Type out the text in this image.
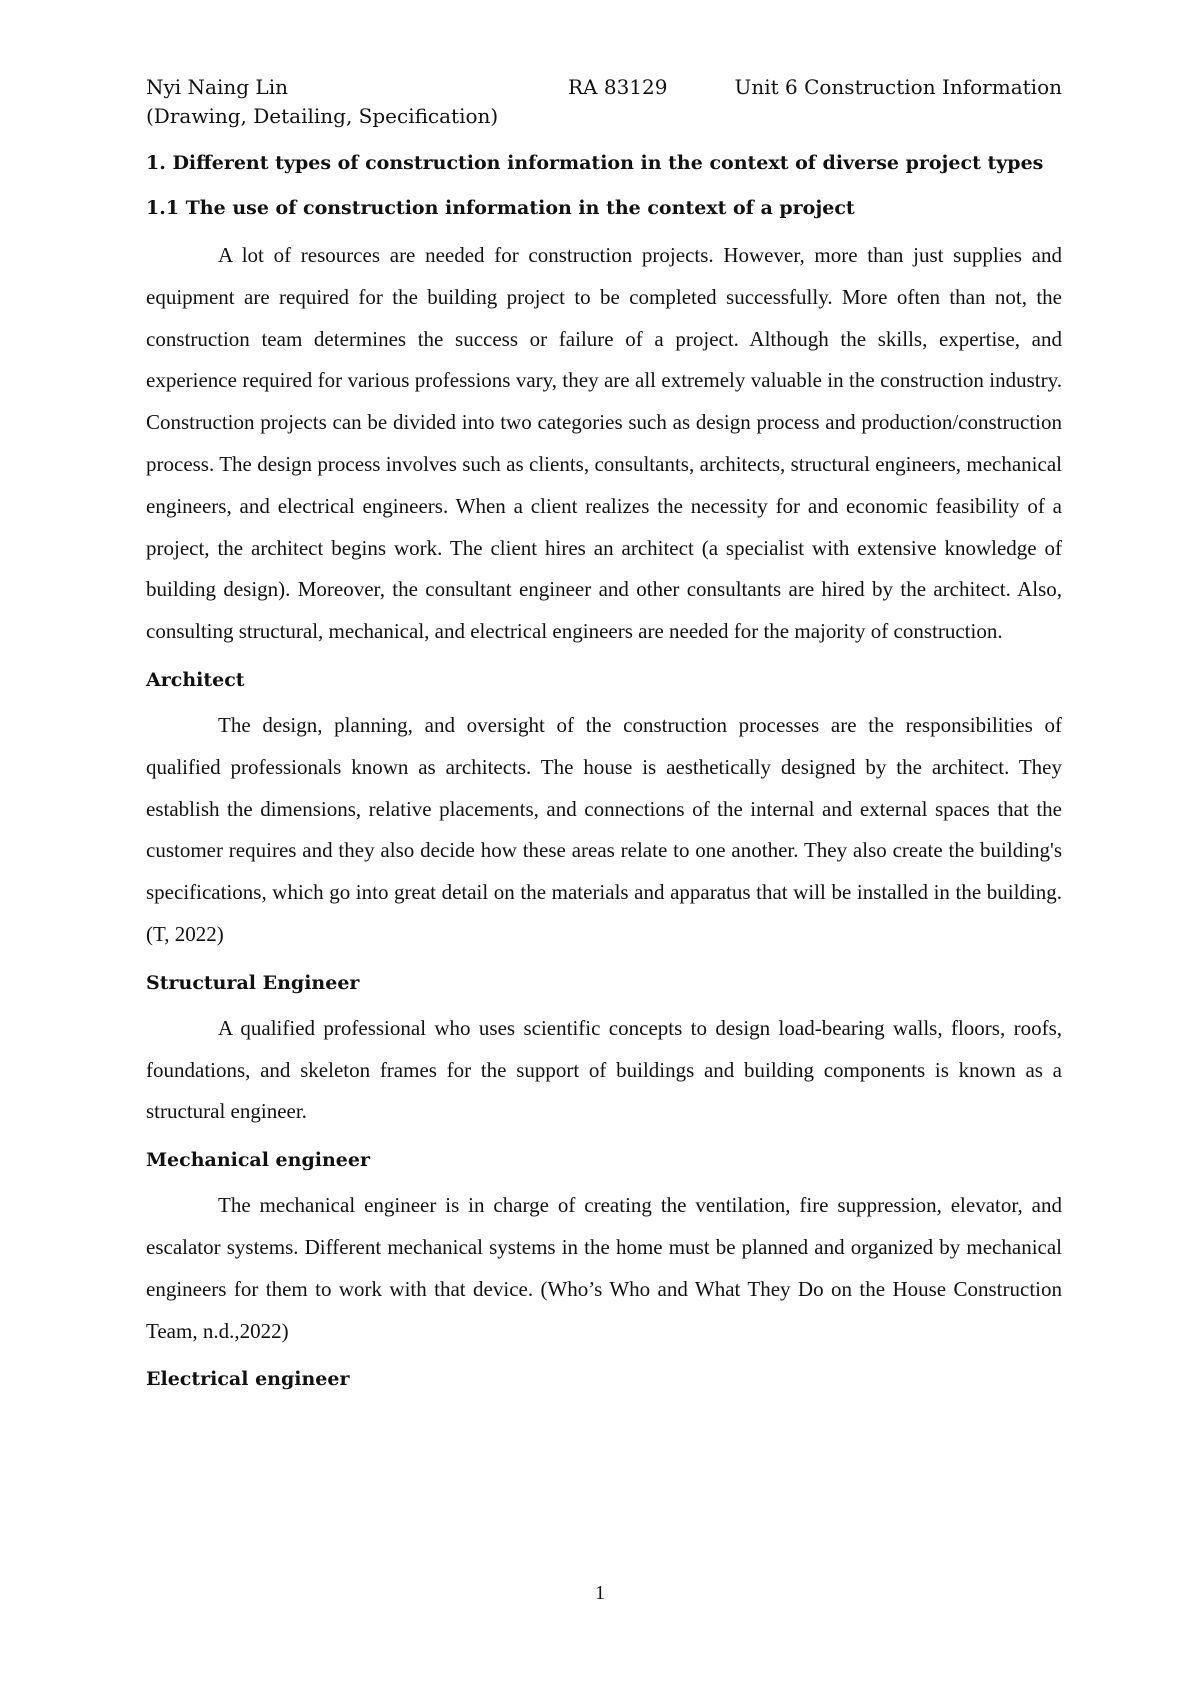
Nyi Naing Lin	RA 83129	Unit 6 Construction Information
(Drawing, Detailing, Specification)
1. Different types of construction information in the context of diverse project types
1.1 The use of construction information in the context of a project

A lot of resources are needed for construction projects. However, more than just supplies and equipment are required for the building project to be completed successfully. More often than not, the construction team determines the success or failure of a project. Although the skills, expertise, and experience required for various professions vary, they are all extremely valuable in the construction industry. Construction projects can be divided into two categories such as design process and production/construction process. The design process involves such as clients, consultants, architects, structural engineers, mechanical engineers, and electrical engineers. When a client realizes the necessity for and economic feasibility of a project, the architect begins work. The client hires an architect (a specialist with extensive knowledge of building design). Moreover, the consultant engineer and other consultants are hired by the architect. Also, consulting structural, mechanical, and electrical engineers are needed for the majority of construction.

Architect

The design, planning, and oversight of the construction processes are the responsibilities of qualified professionals known as architects. The house is aesthetically designed by the architect. They establish the dimensions, relative placements, and connections of the internal and external spaces that the customer requires and they also decide how these areas relate to one another. They also create the building's specifications, which go into great detail on the materials and apparatus that will be installed in the building. (T, 2022)

Structural Engineer

A qualified professional who uses scientific concepts to design load-bearing walls, floors, roofs, foundations, and skeleton frames for the support of buildings and building components is known as a structural engineer.

Mechanical engineer

The mechanical engineer is in charge of creating the ventilation, fire suppression, elevator, and escalator systems. Different mechanical systems in the home must be planned and organized by mechanical engineers for them to work with that device. (Who’s Who and What They Do on the House Construction Team, n.d.,2022)

Electrical engineer
1
